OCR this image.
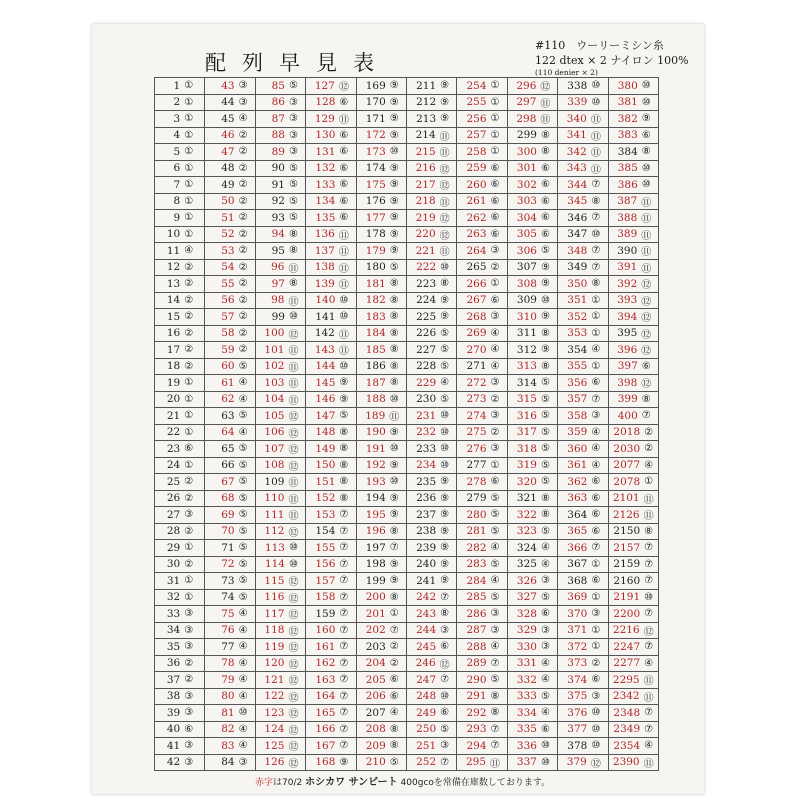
配列早見表
#110　ウーリーミシン糸
122 dtex × 2 ナイロン 100%
(110 denier × 2)
1 ①	43 ③	85 ⑤	127 ⑫	169 ⑨	211 ⑨	254 ①	296 ⑫	338 ⑩	380 ⑩

2 ①	44 ③	86 ③	128 ⑥	170 ⑨	212 ⑨	255 ①	297 ⑪	339 ⑩	381 ⑩

3 ①	45 ④	87 ③	129 ⑪	171 ⑨	213 ⑨	256 ①	298 ⑪	340 ⑪	382 ⑨

4 ①	46 ②	88 ③	130 ⑥	172 ⑨	214 ⑪	257 ①	299 ⑧	341 ⑪	383 ⑥

5 ①	47 ②	89 ③	131 ⑥	173 ⑩	215 ⑪	258 ①	300 ⑧	342 ⑪	384 ⑧

6 ①	48 ②	90 ⑤	132 ⑥	174 ⑨	216 ⑫	259 ⑥	301 ⑥	343 ⑪	385 ⑩

7 ①	49 ②	91 ⑤	133 ⑥	175 ⑨	217 ⑫	260 ⑥	302 ⑥	344 ⑦	386 ⑩

8 ①	50 ②	92 ⑤	134 ⑥	176 ⑨	218 ⑪	261 ⑥	303 ⑥	345 ⑧	387 ⑪

9 ①	51 ②	93 ⑤	135 ⑥	177 ⑨	219 ⑫	262 ⑥	304 ⑥	346 ⑦	388 ⑪

10 ①	52 ②	94 ⑧	136 ⑪	178 ⑨	220 ⑫	263 ⑥	305 ⑥	347 ⑩	389 ⑪

11 ④	53 ②	95 ⑧	137 ⑪	179 ⑨	221 ⑪	264 ③	306 ⑤	348 ⑦	390 ⑪

12 ②	54 ②	96 ⑪	138 ⑪	180 ⑤	222 ⑩	265 ②	307 ⑨	349 ⑦	391 ⑪

13 ②	55 ②	97 ⑧	139 ⑪	181 ⑧	223 ⑧	266 ①	308 ⑨	350 ⑧	392 ⑫

14 ②	56 ②	98 ⑪	140 ⑩	182 ⑧	224 ⑨	267 ⑥	309 ⑩	351 ①	393 ⑫

15 ②	57 ②	99 ⑩	141 ⑩	183 ⑧	225 ⑨	268 ③	310 ⑨	352 ①	394 ⑫

16 ②	58 ②	100 ⑫	142 ⑪	184 ⑧	226 ⑤	269 ④	311 ⑧	353 ①	395 ⑫

17 ②	59 ②	101 ⑪	143 ⑪	185 ⑧	227 ⑤	270 ④	312 ⑨	354 ④	396 ⑫

18 ②	60 ⑤	102 ⑪	144 ⑩	186 ⑧	228 ⑤	271 ④	313 ⑧	355 ①	397 ⑥

19 ①	61 ④	103 ⑪	145 ⑨	187 ⑧	229 ④	272 ③	314 ⑤	356 ⑥	398 ⑫

20 ①	62 ④	104 ⑪	146 ⑨	188 ⑩	230 ⑤	273 ②	315 ⑤	357 ⑦	399 ⑧

21 ①	63 ⑤	105 ⑫	147 ⑤	189 ⑪	231 ⑩	274 ③	316 ⑤	358 ③	400 ⑦

22 ①	64 ④	106 ⑫	148 ⑧	190 ⑨	232 ⑩	275 ②	317 ⑤	359 ④	2018 ②

23 ⑥	65 ⑤	107 ⑫	149 ⑧	191 ⑩	233 ⑩	276 ③	318 ⑤	360 ④	2030 ②

24 ①	66 ⑤	108 ⑫	150 ⑧	192 ⑨	234 ⑩	277 ①	319 ⑤	361 ④	2077 ④

25 ②	67 ⑤	109 ⑪	151 ⑧	193 ⑩	235 ⑨	278 ⑥	320 ⑤	362 ⑥	2078 ①

26 ②	68 ⑤	110 ⑪	152 ⑧	194 ⑨	236 ⑨	279 ⑤	321 ⑧	363 ⑥	2101 ⑪

27 ③	69 ⑤	111 ⑪	153 ⑦	195 ⑨	237 ⑨	280 ⑤	322 ⑧	364 ⑥	2126 ⑪

28 ②	70 ⑤	112 ⑫	154 ⑦	196 ⑧	238 ⑨	281 ⑤	323 ⑤	365 ⑥	2150 ⑧

29 ①	71 ⑤	113 ⑩	155 ⑦	197 ⑦	239 ⑨	282 ④	324 ④	366 ⑦	2157 ⑦

30 ②	72 ⑤	114 ⑩	156 ⑦	198 ⑨	240 ⑨	283 ⑤	325 ④	367 ①	2159 ⑦

31 ①	73 ⑤	115 ⑫	157 ⑦	199 ⑨	241 ⑨	284 ④	326 ③	368 ⑥	2160 ⑦

32 ①	74 ⑤	116 ⑫	158 ⑦	200 ⑧	242 ⑦	285 ⑤	327 ⑤	369 ①	2191 ⑩

33 ③	75 ④	117 ⑫	159 ⑦	201 ①	243 ⑧	286 ③	328 ⑥	370 ③	2200 ⑦

34 ③	76 ④	118 ⑫	160 ⑦	202 ⑦	244 ③	287 ③	329 ③	371 ①	2216 ⑫

35 ③	77 ④	119 ⑫	161 ⑦	203 ②	245 ⑥	288 ④	330 ③	372 ①	2247 ⑦

36 ②	78 ④	120 ⑫	162 ⑦	204 ②	246 ⑫	289 ⑦	331 ④	373 ②	2277 ④

37 ②	79 ④	121 ⑫	163 ⑦	205 ⑥	247 ⑦	290 ⑤	332 ④	374 ⑥	2295 ⑪

38 ③	80 ④	122 ⑫	164 ⑦	206 ⑥	248 ⑩	291 ⑧	333 ⑤	375 ③	2342 ⑪

39 ③	81 ⑩	123 ⑫	165 ⑦	207 ④	249 ⑥	292 ⑧	334 ④	376 ⑩	2348 ⑦

40 ⑥	82 ④	124 ⑫	166 ⑦	208 ⑧	250 ⑤	293 ⑦	335 ⑥	377 ⑩	2349 ⑦

41 ③	83 ④	125 ⑫	167 ⑦	209 ⑧	251 ③	294 ⑦	336 ⑩	378 ⑩	2354 ④

42 ③	84 ③	126 ⑫	168 ⑨	210 ⑤	252 ⑦	295 ⑪	337 ⑩	379 ⑫	2390 ⑪
赤字は70/2 ホシカワ サンビート 400gcoを常備在庫数しております。
